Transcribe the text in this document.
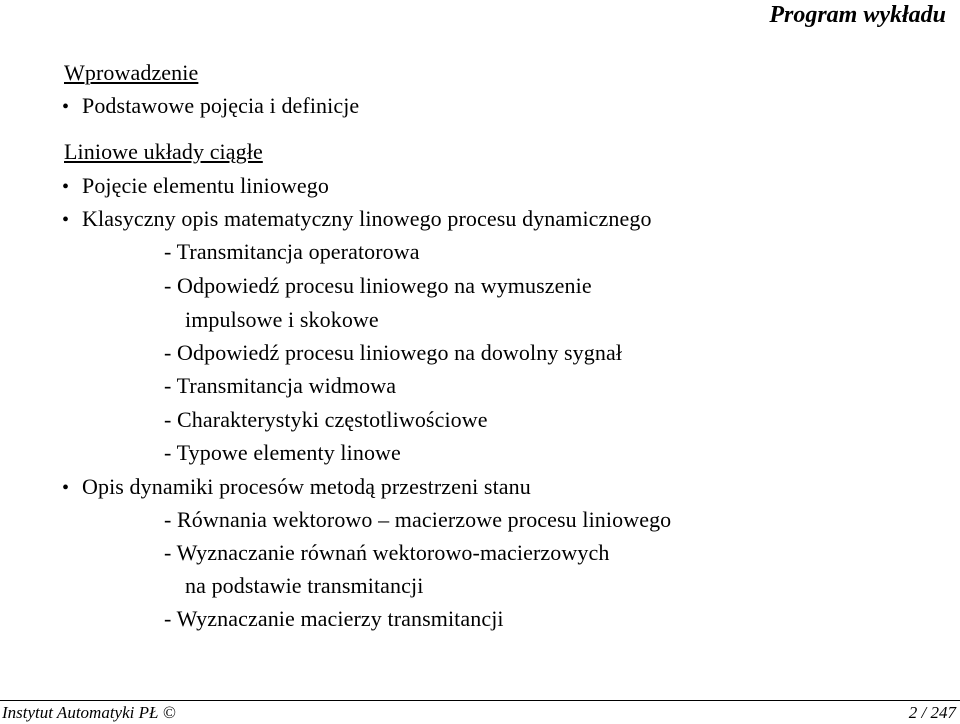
Program wykładu
Wprowadzenie
• Podstawowe pojęcia i definicje
Liniowe układy ciągłe
• Pojęcie elementu liniowego
• Klasyczny opis matematyczny linowego procesu dynamicznego
- Transmitancja operatorowa
- Odpowiedź procesu liniowego na wymuszenie
impulsowe i skokowe
- Odpowiedź procesu liniowego na dowolny sygnał
- Transmitancja widmowa
- Charakterystyki częstotliwościowe
- Typowe elementy linowe
• Opis dynamiki procesów metodą przestrzeni stanu
- Równania wektorowo – macierzowe procesu liniowego
- Wyznaczanie równań wektorowo-macierzowych
na podstawie transmitancji
- Wyznaczanie macierzy transmitancji
Instytut Automatyki PŁ ©	2 / 247
